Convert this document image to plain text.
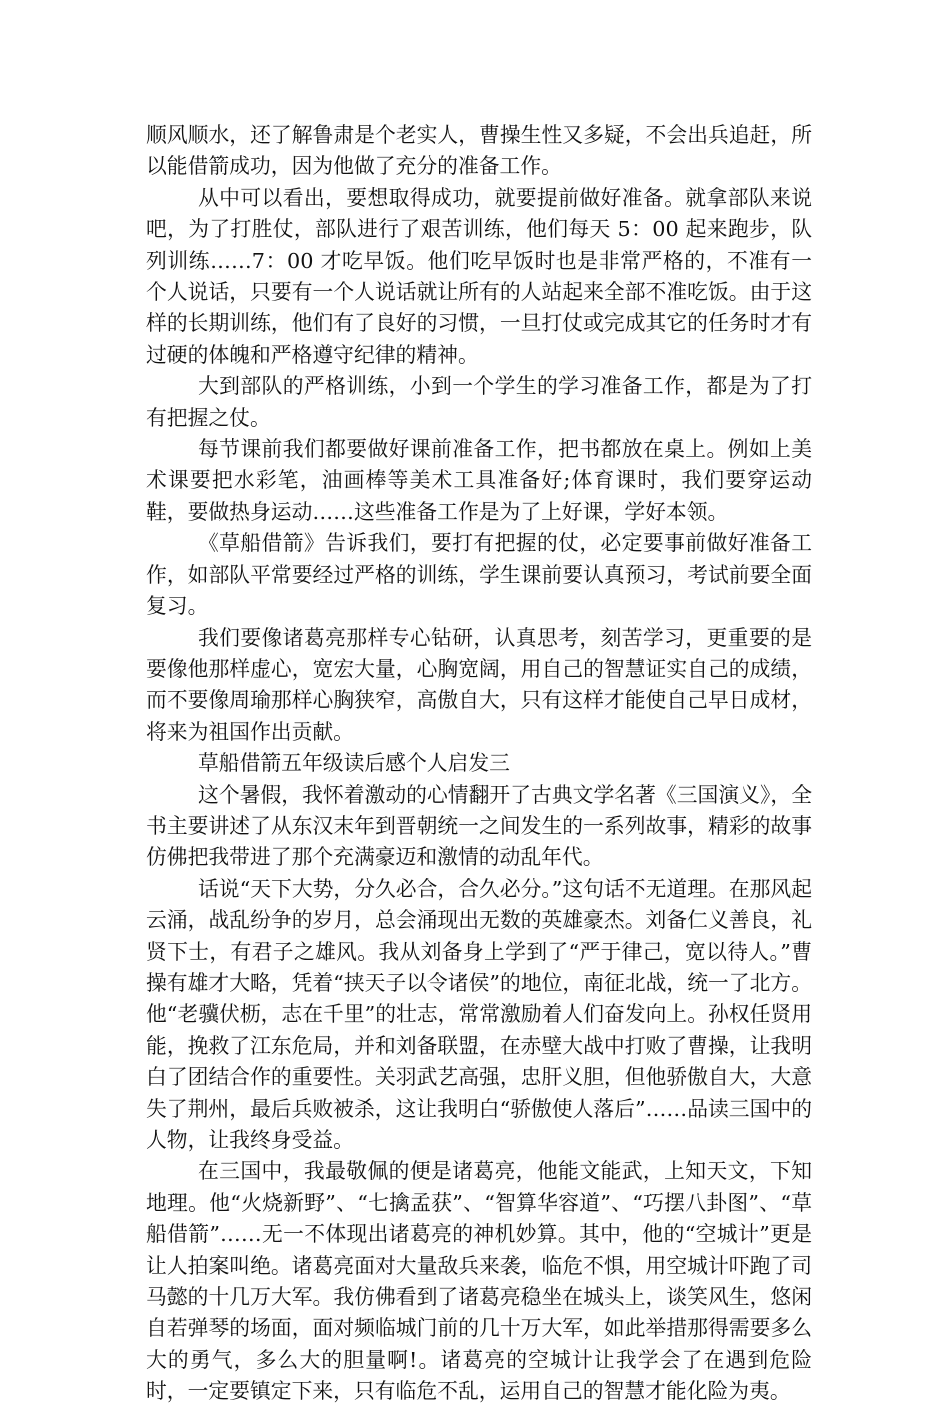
顺风顺水，还了解鲁肃是个老实人，曹操生性又多疑，不会出兵追赶，所以能借箭成功，因为他做了充分的准备工作。

从中可以看出，要想取得成功，就要提前做好准备。就拿部队来说吧，为了打胜仗，部队进行了艰苦训练，他们每天 5：00 起来跑步，队列训练……7：00 才吃早饭。他们吃早饭时也是非常严格的，不准有一个人说话，只要有一个人说话就让所有的人站起来全部不准吃饭。由于这样的长期训练，他们有了良好的习惯，一旦打仗或完成其它的任务时才有过硬的体魄和严格遵守纪律的精神。

大到部队的严格训练，小到一个学生的学习准备工作，都是为了打有把握之仗。

每节课前我们都要做好课前准备工作，把书都放在桌上。例如上美术课要把水彩笔，油画棒等美术工具准备好;体育课时，我们要穿运动鞋，要做热身运动……这些准备工作是为了上好课，学好本领。

《草船借箭》告诉我们，要打有把握的仗，必定要事前做好准备工作，如部队平常要经过严格的训练，学生课前要认真预习，考试前要全面复习。

我们要像诸葛亮那样专心钻研，认真思考，刻苦学习，更重要的是要像他那样虚心，宽宏大量，心胸宽阔，用自己的智慧证实自己的成绩，而不要像周瑜那样心胸狭窄，高傲自大，只有这样才能使自己早日成材，将来为祖国作出贡献。

草船借箭五年级读后感个人启发三

这个暑假，我怀着激动的心情翻开了古典文学名著《三国演义》，全书主要讲述了从东汉末年到晋朝统一之间发生的一系列故事，精彩的故事仿佛把我带进了那个充满豪迈和激情的动乱年代。

话说“天下大势，分久必合，合久必分。”这句话不无道理。在那风起云涌，战乱纷争的岁月，总会涌现出无数的英雄豪杰。刘备仁义善良，礼贤下士，有君子之雄风。我从刘备身上学到了“严于律己，宽以待人。”曹操有雄才大略，凭着“挟天子以令诸侯”的地位，南征北战，统一了北方。他“老骥伏枥，志在千里”的壮志，常常激励着人们奋发向上。孙权任贤用能，挽救了江东危局，并和刘备联盟，在赤壁大战中打败了曹操，让我明白了团结合作的重要性。关羽武艺高强，忠肝义胆，但他骄傲自大，大意失了荆州，最后兵败被杀，这让我明白“骄傲使人落后”……品读三国中的人物，让我终身受益。

在三国中，我最敬佩的便是诸葛亮，他能文能武，上知天文，下知地理。他“火烧新野”、“七擒孟获”、“智算华容道”、“巧摆八卦图”、“草船借箭”……无一不体现出诸葛亮的神机妙算。其中，他的“空城计”更是让人拍案叫绝。诸葛亮面对大量敌兵来袭，临危不惧，用空城计吓跑了司马懿的十几万大军。我仿佛看到了诸葛亮稳坐在城头上，谈笑风生，悠闲自若弹琴的场面，面对频临城门前的几十万大军，如此举措那得需要多么大的勇气，多么大的胆量啊!。诸葛亮的空城计让我学会了在遇到危险时，一定要镇定下来，只有临危不乱，运用自己的智慧才能化险为夷。
